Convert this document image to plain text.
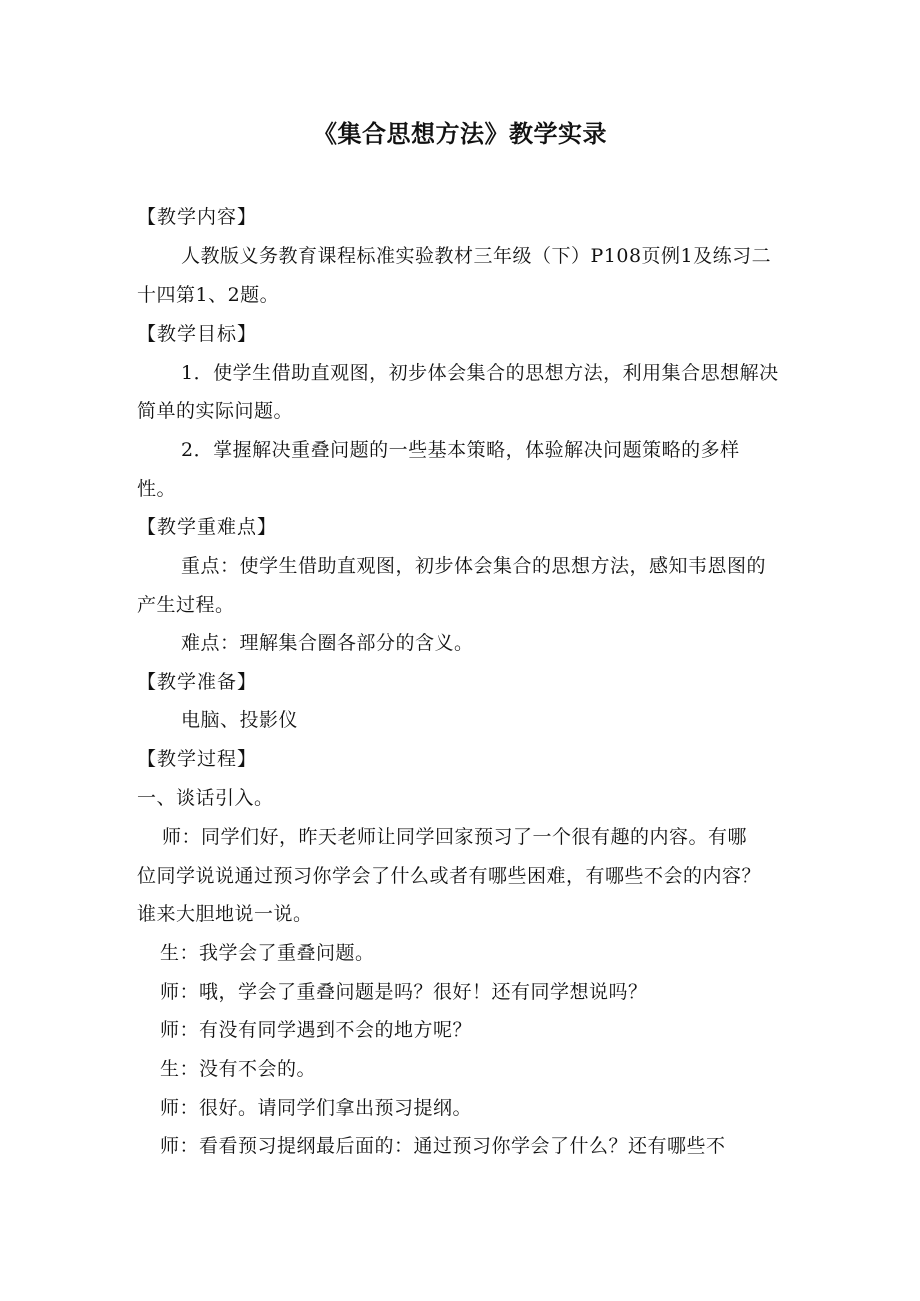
《集合思想方法》教学实录
【教学内容】
人教版义务教育课程标准实验教材三年级（下）P108页例1及练习二
十四第1、2题。
【教学目标】
1．使学生借助直观图，初步体会集合的思想方法，利用集合思想解决
简单的实际问题。
2．掌握解决重叠问题的一些基本策略，体验解决问题策略的多样
性。
【教学重难点】
重点：使学生借助直观图，初步体会集合的思想方法，感知韦恩图的
产生过程。
难点：理解集合圈各部分的含义。
【教学准备】
电脑、投影仪
【教学过程】
一、谈话引入。
师：同学们好，昨天老师让同学回家预习了一个很有趣的内容。有哪
位同学说说通过预习你学会了什么或者有哪些困难，有哪些不会的内容？
谁来大胆地说一说。
生：我学会了重叠问题。
师：哦，学会了重叠问题是吗？很好！还有同学想说吗？
师：有没有同学遇到不会的地方呢？
生：没有不会的。
师：很好。请同学们拿出预习提纲。
师：看看预习提纲最后面的：通过预习你学会了什么？还有哪些不
